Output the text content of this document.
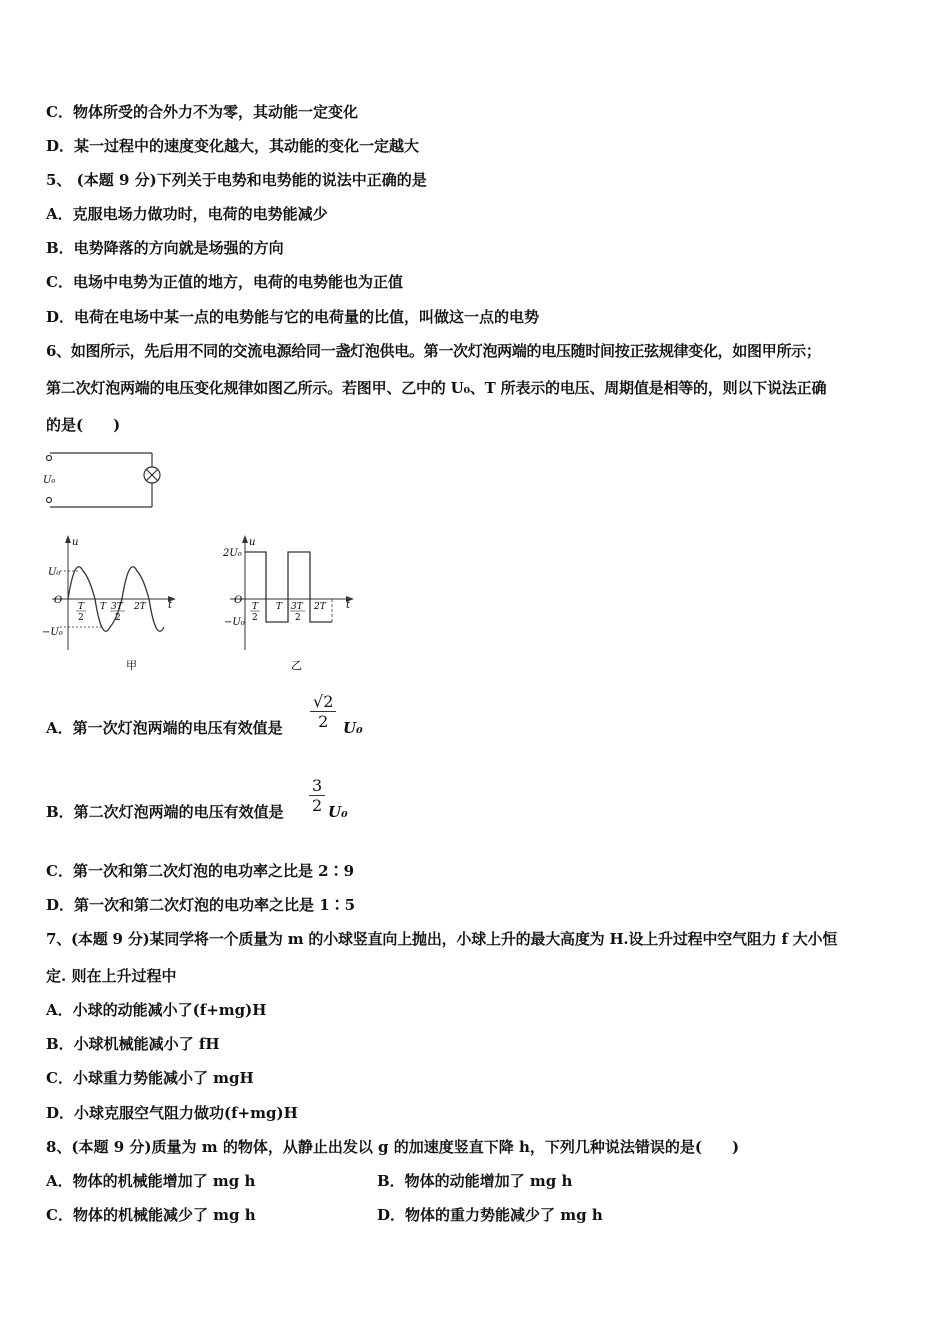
C．物体所受的合外力不为零，其动能一定变化
D．某一过程中的速度变化越大，其动能的变化一定越大
5、 (本题 9 分)下列关于电势和电势能的说法中正确的是
A．克服电场力做功时，电荷的电势能减少
B．电势降落的方向就是场强的方向
C．电场中电势为正值的地方，电荷的电势能也为正值
D．电荷在电场中某一点的电势能与它的电荷量的比值，叫做这一点的电势
6、如图所示，先后用不同的交流电源给同一盏灯泡供电。第一次灯泡两端的电压随时间按正弦规律变化，如图甲所示；
第二次灯泡两端的电压变化规律如图乙所示。若图甲、乙中的 U₀、T 所表示的电压、周期值是相等的，则以下说法正确
的是(　　)
U₀
u
t
U₀
−U₀
O
T
2
T 3T
2
2T
甲
u
t
2U₀
−U₀
O
T
2
T 3T
2
2T
乙
A．第一次灯泡两端的电压有效值是 $\frac{√2}{2} U_0$
B．第二次灯泡两端的电压有效值是 $\frac{3}{2} U_0$
C．第一次和第二次灯泡的电功率之比是 2∶9
D．第一次和第二次灯泡的电功率之比是 1∶5
7、(本题 9 分)某同学将一个质量为 m 的小球竖直向上抛出，小球上升的最大高度为 H.设上升过程中空气阻力 f 大小恒
定. 则在上升过程中
A．小球的动能减小了(f+mg)H
B．小球机械能减小了 fH
C．小球重力势能减小了 mgH
D．小球克服空气阻力做功(f+mg)H
8、(本题 9 分)质量为 m 的物体，从静止出发以 g 的加速度竖直下降 h，下列几种说法错误的是(　　)
A．物体的机械能增加了 mg h	B．物体的动能增加了 mg h
C．物体的机械能减少了 mg h	D．物体的重力势能减少了 mg h
